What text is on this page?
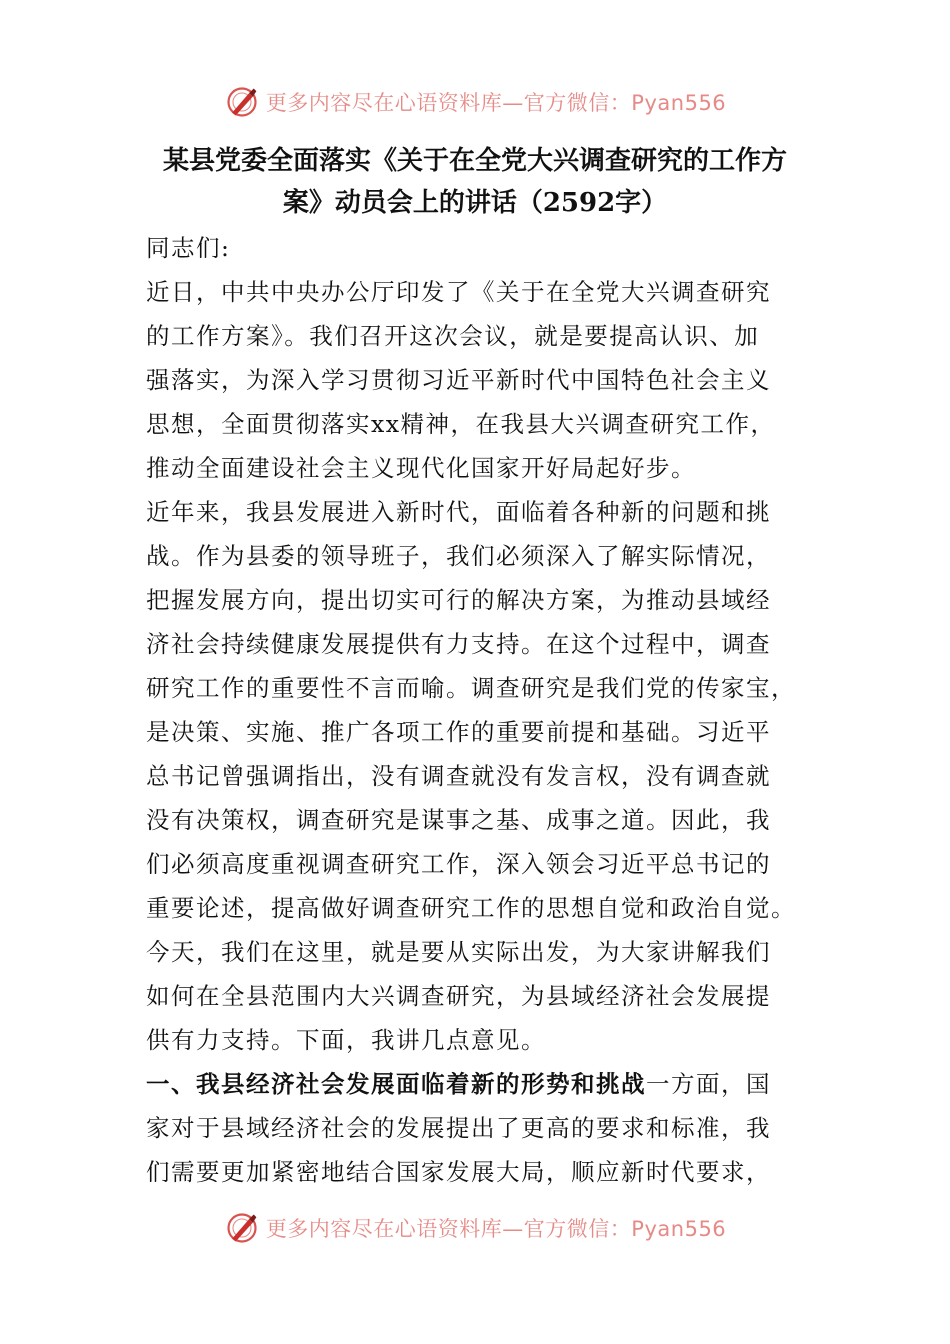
更多内容尽在心语资料库—官方微信：Pyan556
某县党委全面落实《关于在全党大兴调查研究的工作方
案》动员会上的讲话（2592字）

同志们:

近日，中共中央办公厅印发了《关于在全党大兴调查研究
的工作方案》。我们召开这次会议，就是要提高认识、加
强落实，为深入学习贯彻习近平新时代中国特色社会主义
思想，全面贯彻落实xx精神，在我县大兴调查研究工作，
推动全面建设社会主义现代化国家开好局起好步。

近年来，我县发展进入新时代，面临着各种新的问题和挑
战。作为县委的领导班子，我们必须深入了解实际情况，
把握发展方向，提出切实可行的解决方案，为推动县域经
济社会持续健康发展提供有力支持。在这个过程中，调查
研究工作的重要性不言而喻。调查研究是我们党的传家宝，
是决策、实施、推广各项工作的重要前提和基础。习近平
总书记曾强调指出，没有调查就没有发言权，没有调查就
没有决策权，调查研究是谋事之基、成事之道。因此，我
们必须高度重视调查研究工作，深入领会习近平总书记的
重要论述，提高做好调查研究工作的思想自觉和政治自觉。
今天，我们在这里，就是要从实际出发，为大家讲解我们
如何在全县范围内大兴调查研究，为县域经济社会发展提
供有力支持。下面，我讲几点意见。

一、我县经济社会发展面临着新的形势和挑战一方面，国
家对于县域经济社会的发展提出了更高的要求和标准，我
们需要更加紧密地结合国家发展大局，顺应新时代要求，

更多内容尽在心语资料库—官方微信：Pyan556
